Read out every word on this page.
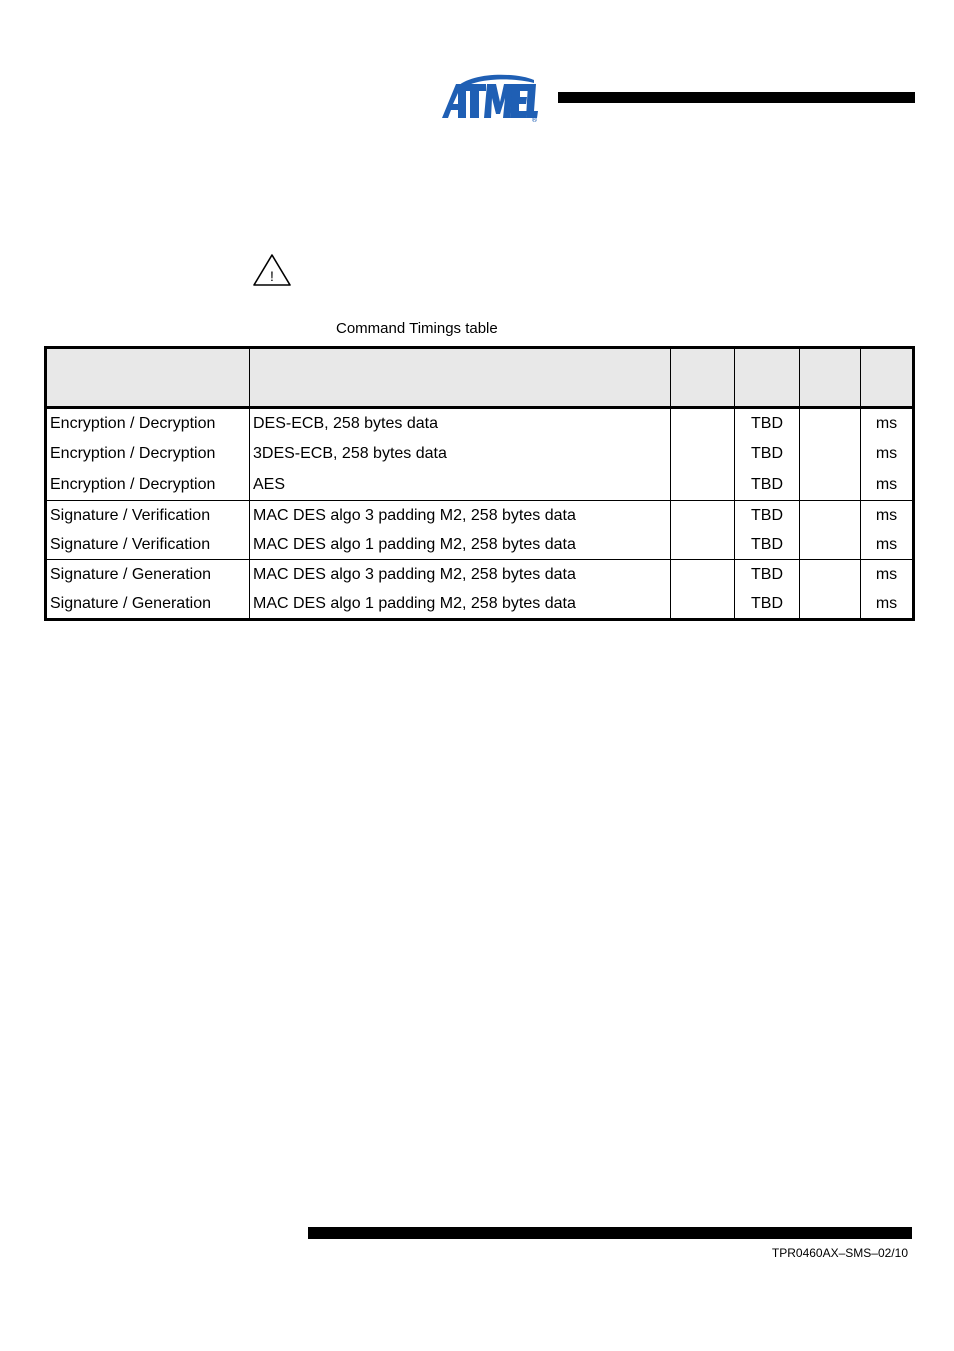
®
!
Command Timings table

Encryption / Decryption	DES-ECB, 258 bytes data		TBD		ms
Encryption / Decryption	3DES-ECB, 258 bytes data		TBD		ms
Encryption / Decryption	AES		TBD		ms
Signature / Verification	MAC DES algo 3 padding M2, 258 bytes data		TBD		ms
Signature / Verification	MAC DES algo 1 padding M2, 258 bytes data		TBD		ms
Signature / Generation	MAC DES algo 3 padding M2, 258 bytes data		TBD		ms
Signature / Generation	MAC DES algo 1 padding M2, 258 bytes data		TBD		ms
TPR0460AX–SMS–02/10
